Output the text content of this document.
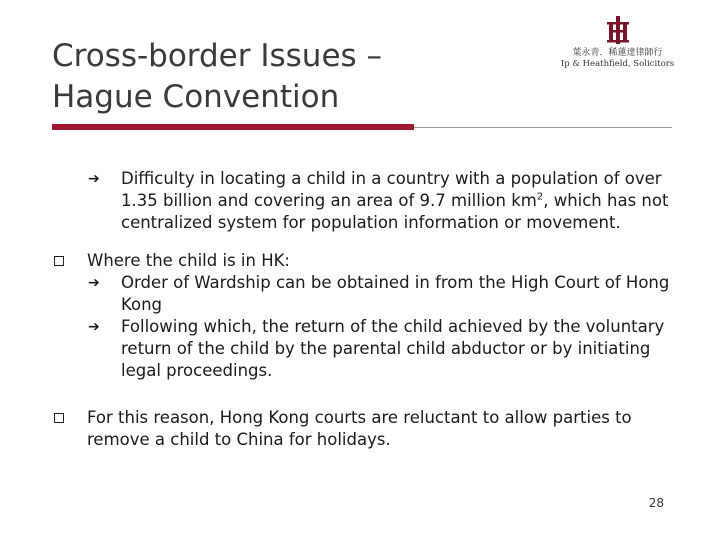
Cross-border Issues –
Hague Convention
葉永青．稀蓮達律師行
Ip & Heathfield, Solicitors
➔ Difficulty in locating a child in a country with a population of over 1.35 billion and covering an area of 9.7 million $km^2$, which has not centralized system for population information or movement.
Where the child is in HK:
➔ Order of Wardship can be obtained in from the High Court of Hong Kong
➔ Following which, the return of the child achieved by the voluntary return of the child by the parental child abductor or by initiating legal proceedings.
For this reason, Hong Kong courts are reluctant to allow parties to remove a child to China for holidays.
28
